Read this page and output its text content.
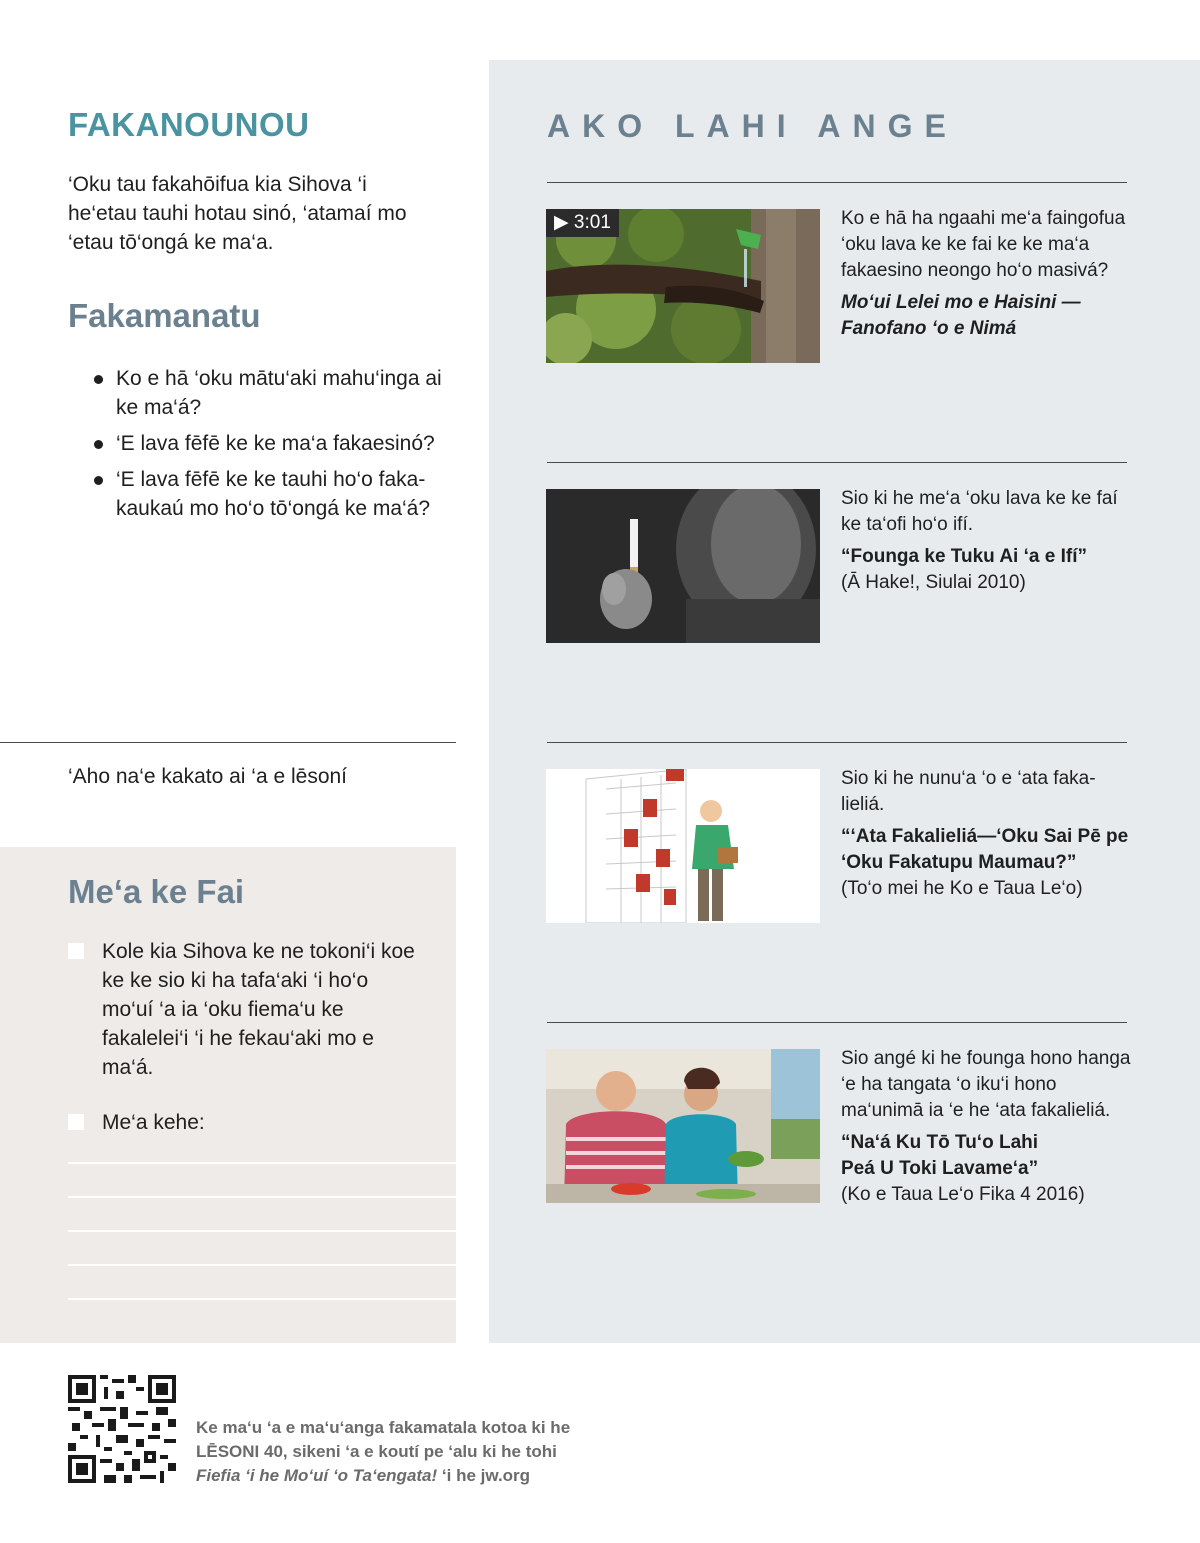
FAKANOUNOU
‘Oku tau fakahōifua kia Sihova ‘i he‘etau tauhi hotau sinó, ‘atamaí mo ‘etau tō‘ongá ke ma‘a.
Fakamanatu
Ko e hā ‘oku mātu‘aki mahu‘inga ai ke ma‘á?
‘E lava fēfē ke ke ma‘a fakaesinó?
‘E lava fēfē ke ke tauhi ho‘o fakakaukaú mo ho‘o tō‘ongá ke ma‘á?
‘Aho na‘e kakato ai ‘a e lēsoní
Me‘a ke Fai
Kole kia Sihova ke ne tokoni‘i koe ke ke sio ki ha tafa‘aki ‘i ho‘o mo‘uí ‘a ia ‘oku fiema‘u ke fakalelei‘i ‘i he fekau‘aki mo e ma‘á.
Me‘a kehe:
AKO LAHI ANGE
▶ 3:01	Ko e hā ha ngaahi me‘a faingofua ‘oku lava ke ke fai ke ke ma‘a fakaesino neongo ho‘o masivá?

Mo‘ui Lelei mo e Haisini —Fanofano ‘o e Nimá

Sio ki he me‘a ‘oku lava ke ke faí ke ta‘ofi ho‘o ifí.

“Founga ke Tuku Ai ‘a e Ifí”

(Ā Hake!, Siulai 2010)

Sio ki he nunu‘a ‘o e ‘ata fakalieliá.

“‘Ata Fakalieliá—‘Oku Sai Pē pe ‘Oku Fakatupu Maumau?”

(To‘o mei he Ko e Taua Le‘o)

Sio angé ki he founga hono hanga ‘e ha tangata ‘o iku‘i hono ma‘unimā ia ‘e he ‘ata fakalieliá.

“Na‘á Ku Tō Tu‘o Lahi Peá U Toki Lavame‘a”

(Ko e Taua Le‘o Fika 4 2016)

Ke ma‘u ‘a e ma‘u‘anga fakamatala kotoa ki he
LĒSONI 40, sikeni ‘a e koutí pe ‘alu ki he tohi
Fiefia ‘i he Mo‘uí ‘o Ta‘engata! ‘i he jw.org
